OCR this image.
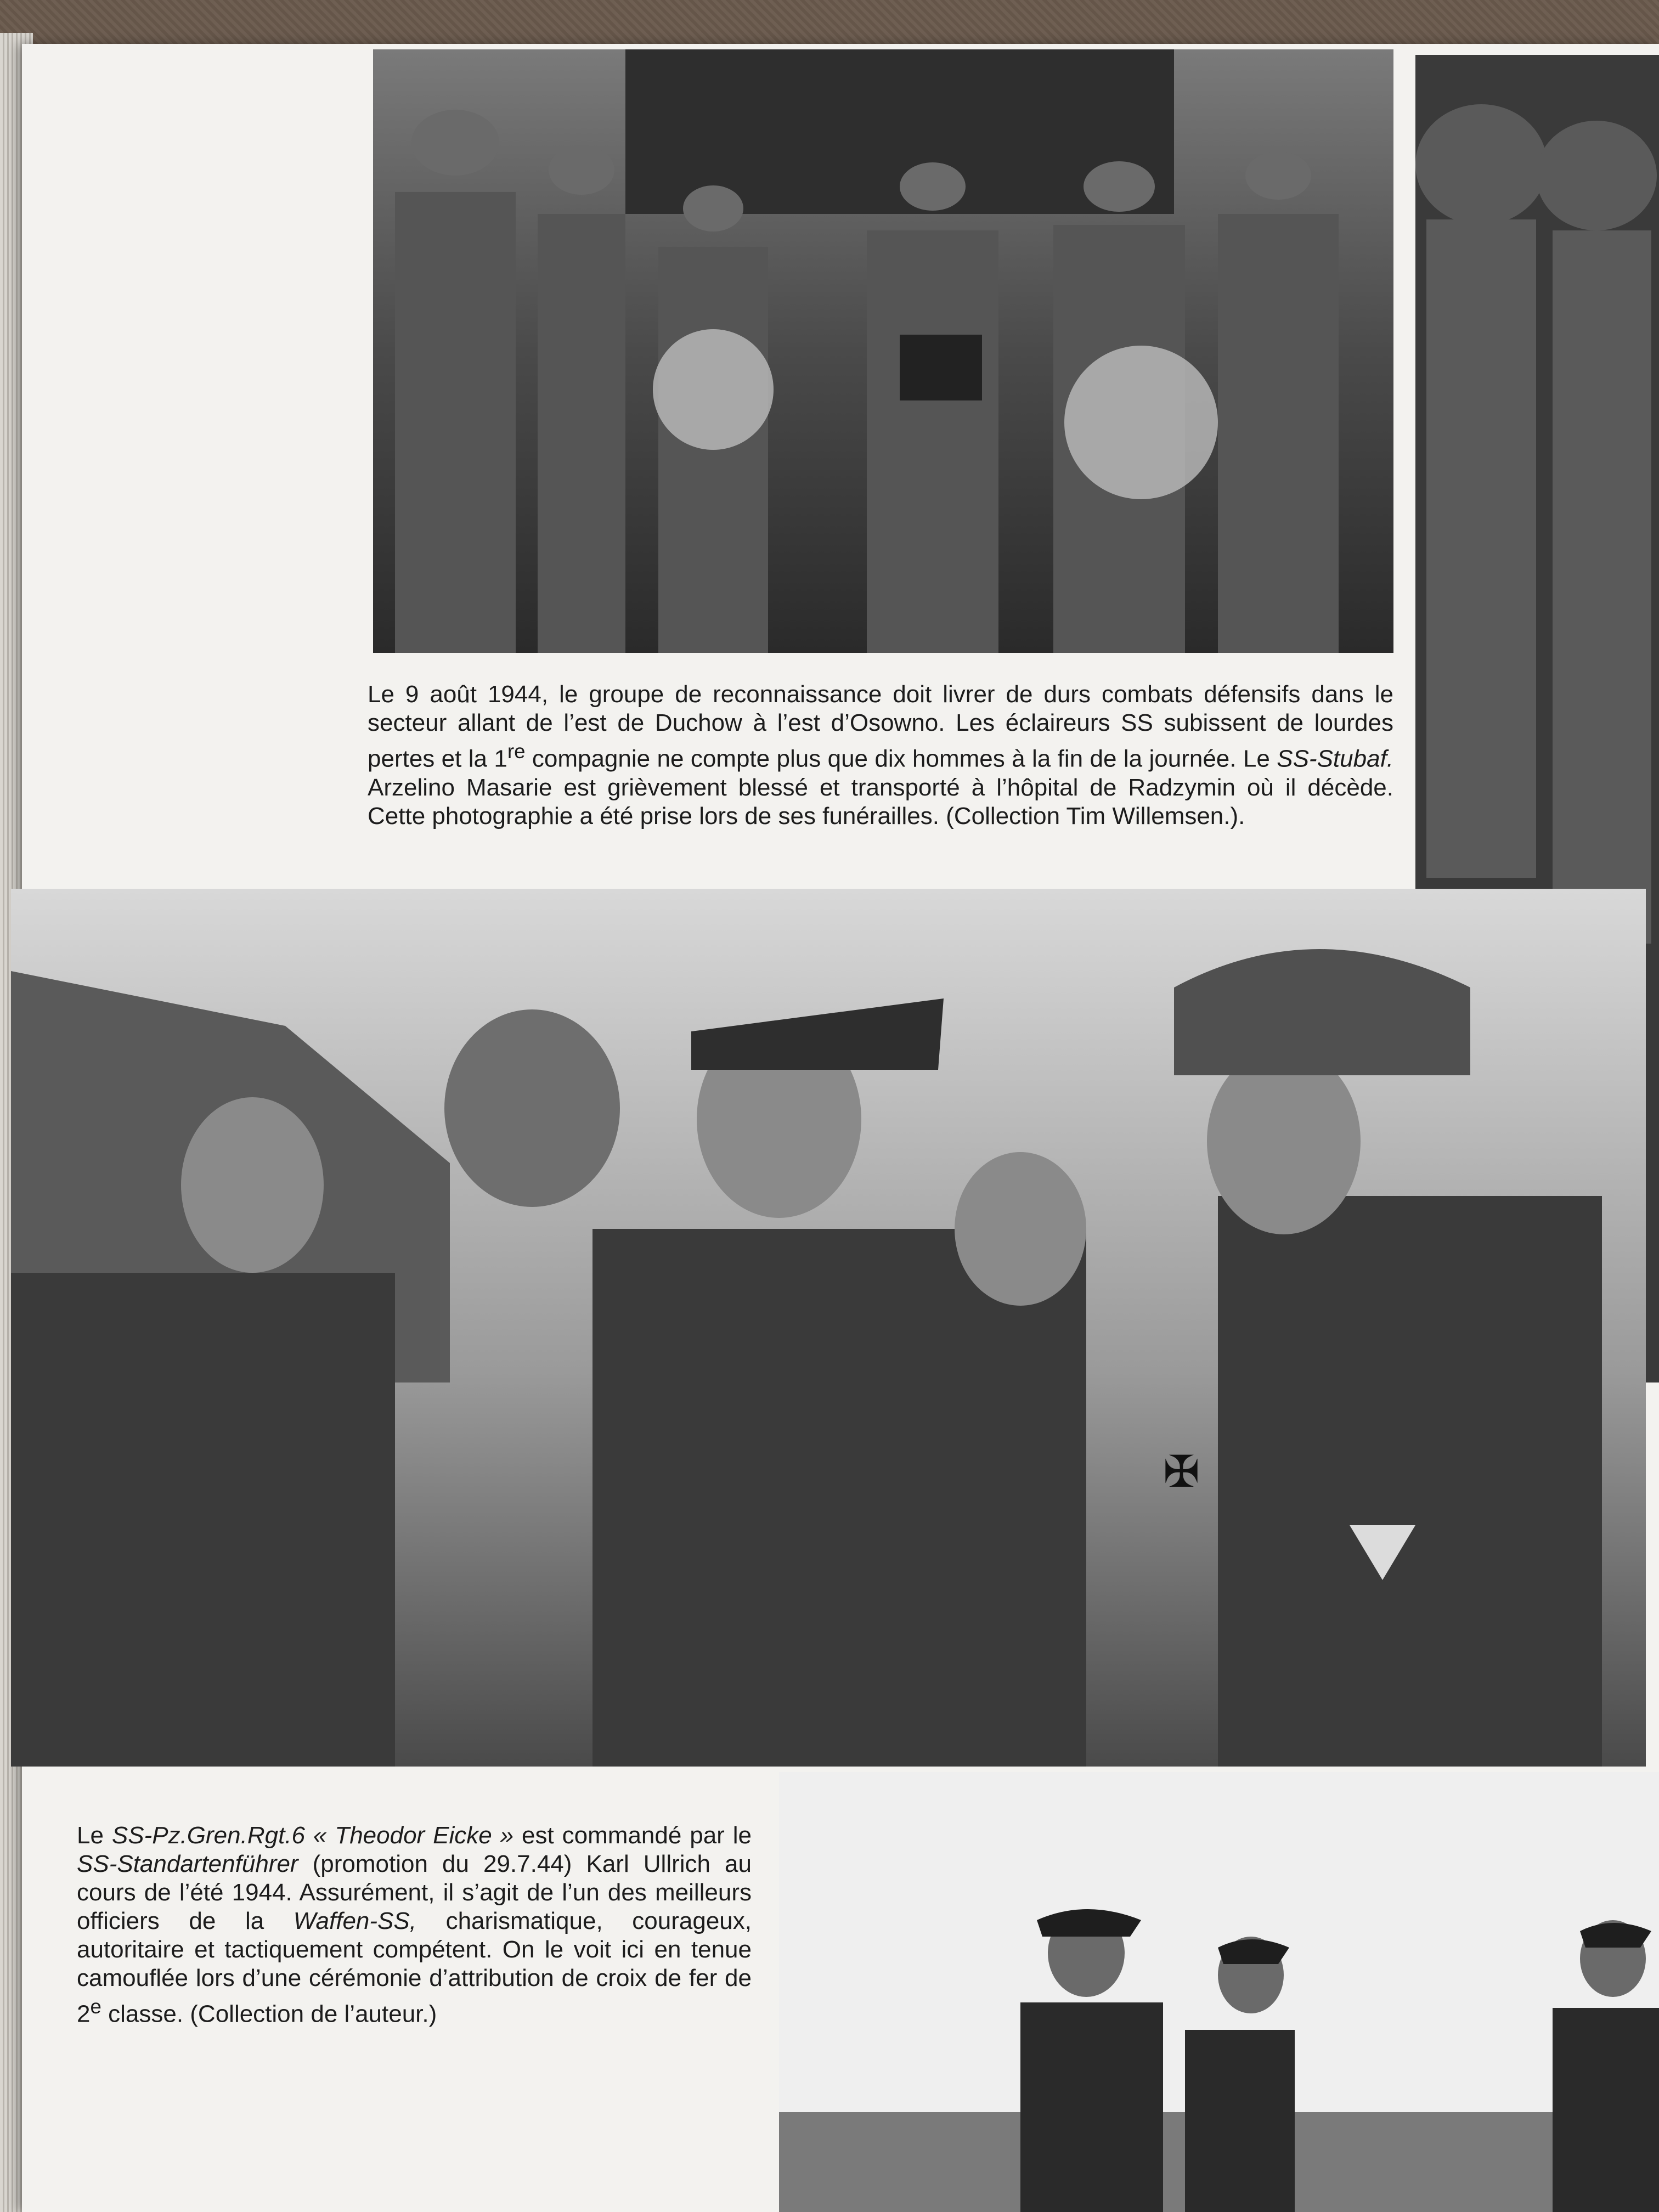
Le 9 août 1944, le groupe de reconnaissance doit livrer de durs combats défensifs dans le secteur allant de l’est de Duchow à l’est d’Osowno. Les éclaireurs SS subissent de lourdes pertes et la 1re compagnie ne compte plus que dix hommes à la fin de la journée. Le SS-Stubaf. Arzelino Masarie est grièvement blessé et transporté à l’hôpital de Radzymin où il décède. Cette photographie a été prise lors de ses funérailles. (Collection Tim Willemsen.).

✠

Le SS-Pz.Gren.Rgt.6 « Theodor Eicke » est commandé par le SS-Standartenführer (promotion du 29.7.44) Karl Ullrich au cours de l’été 1944. Assurément, il s’agit de l’un des meilleurs officiers de la Waffen-SS, charismatique, courageux, autoritaire et tactiquement compétent. On le voit ici en tenue camouflée lors d’une cérémonie d’attribution de croix de fer de 2e classe. (Collection de l’auteur.)
